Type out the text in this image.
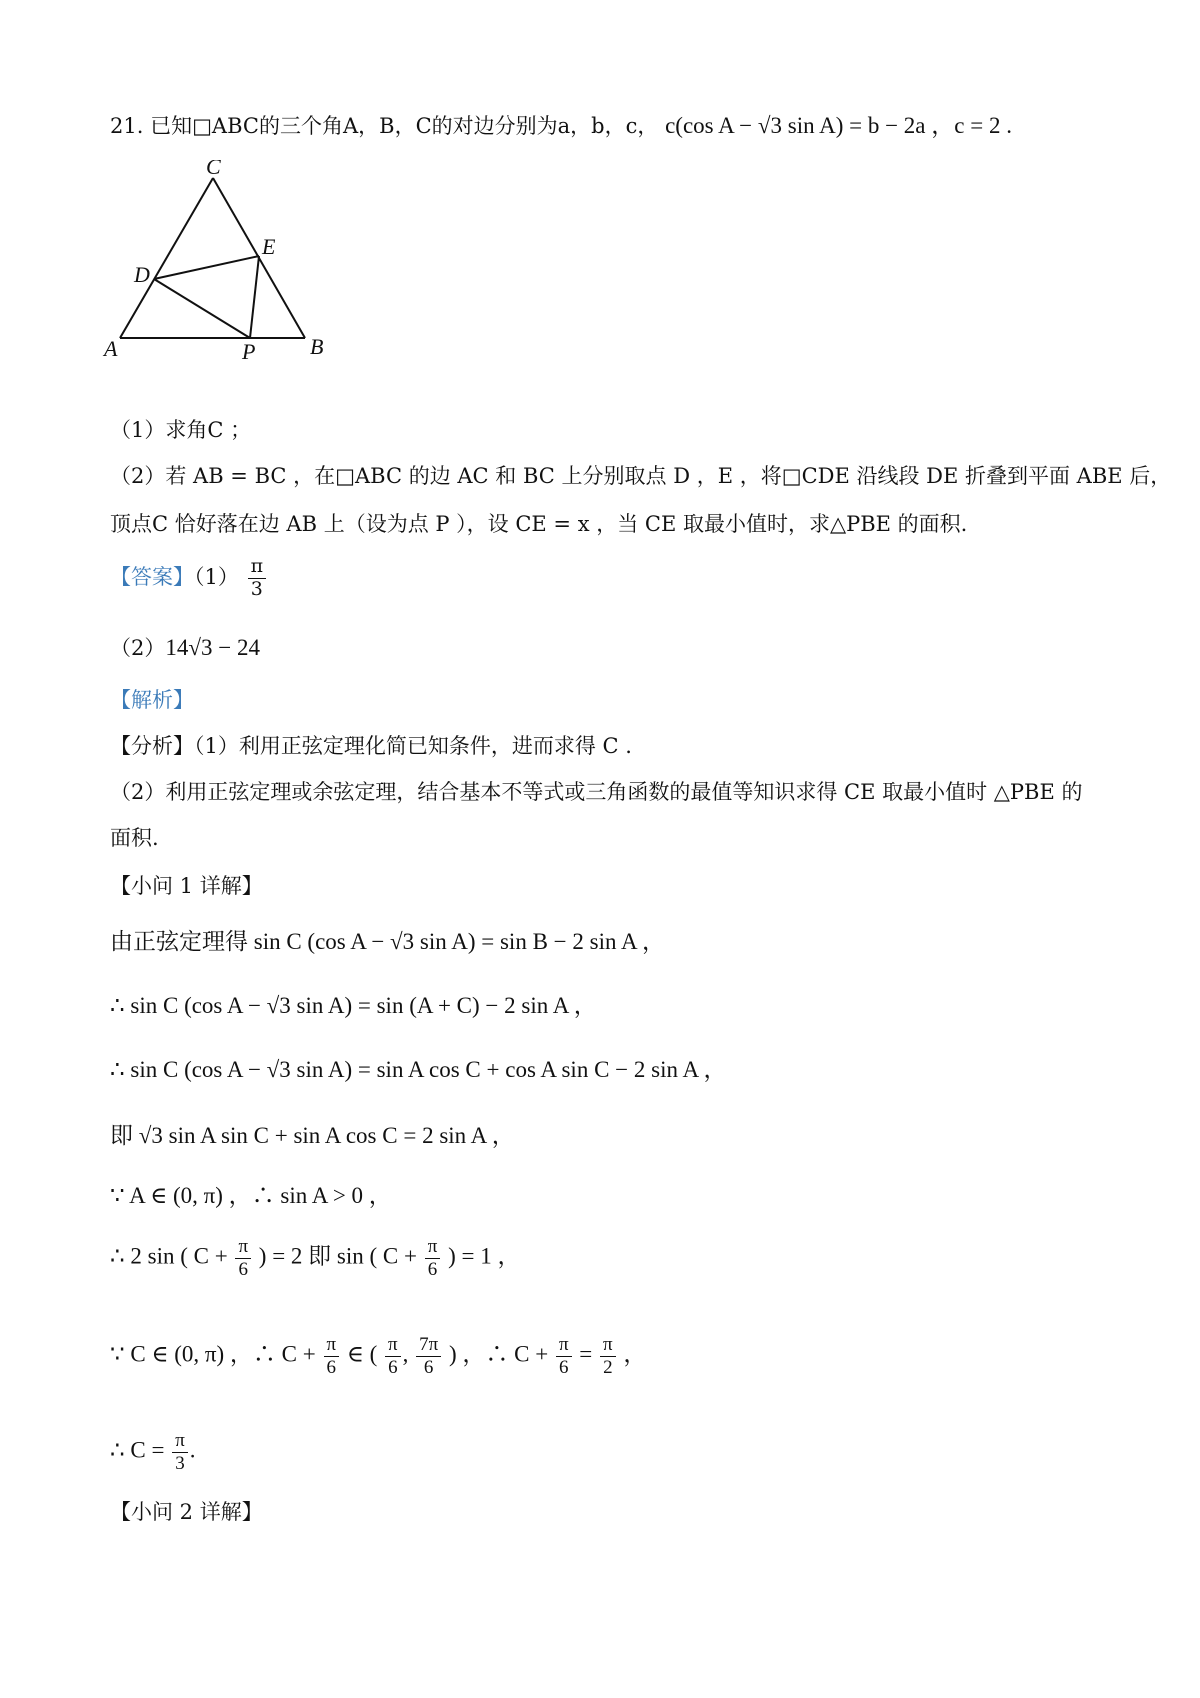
21. 已知□ABC的三个角A，B，C的对边分别为a，b，c， c(cos A − √3 sin A) = b − 2a ，c = 2 .
C
E
D
A	P B
（1）求角C ；
（2）若 AB = BC ，在□ABC 的边 AC 和 BC 上分别取点 D ，E ，将□CDE 沿线段 DE 折叠到平面 ABE 后，
顶点C 恰好落在边 AB 上（设为点 P ），设 CE = x ，当 CE 取最小值时，求△PBE 的面积.
【答案】$(1) \frac{\pi}{3}$
（2）14√3 − 24
【解析】
【分析】（1）利用正弦定理化简已知条件，进而求得 C .
（2）利用正弦定理或余弦定理，结合基本不等式或三角函数的最值等知识求得 CE 取最小值时 △PBE 的
面积.
【小问 1 详解】
由正弦定理得 sin C (cos A − √3 sin A) = sin B − 2 sin A ，
∴ sin C (cos A − √3 sin A) = sin (A + C) − 2 sin A ，
∴ sin C (cos A − √3 sin A) = sin A cos C + cos A sin C − 2 sin A ，
即 √3 sin A sin C + sin A cos C = 2 sin A ，
∵ A ∈ (0, π) ，∴ sin A > 0 ，
∴ 2 sin ( $C + \frac{\pi}{6}$ ) = 2 即 sin ( $C + \frac{\pi}{6}$ ) = 1 ，
∵ C ∈ (0, π) ，∴ $C + \frac{\pi}{6}$ ∈ ( $\frac{\pi}{6}$ , $\frac{7\pi}{6}$ ) ，∴ $C + \frac{\pi}{6} = \frac{\pi}{2}$ ，
∴ $C = \frac{\pi}{3}$ .
【小问 2 详解】
